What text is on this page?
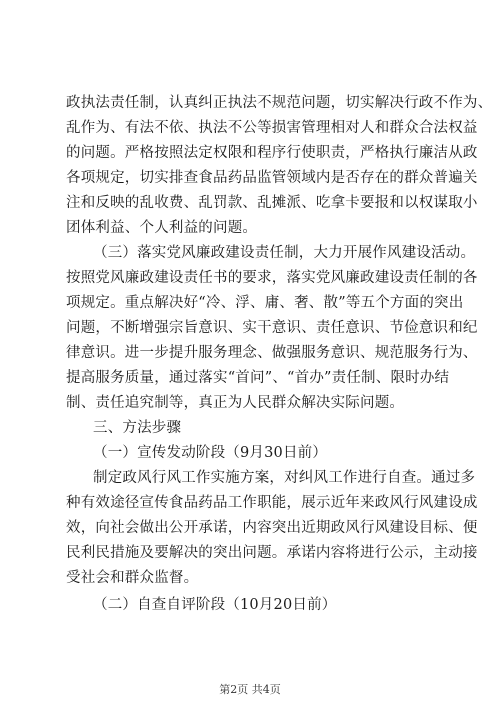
政执法责任制，认真纠正执法不规范问题，切实解决行政不作为、
乱作为、有法不依、执法不公等损害管理相对人和群众合法权益
的问题。严格按照法定权限和程序行使职责，严格执行廉洁从政
各项规定，切实排查食品药品监管领域内是否存在的群众普遍关
注和反映的乱收费、乱罚款、乱摊派、吃拿卡要报和以权谋取小
团体利益、个人利益的问题。
（三）落实党风廉政建设责任制，大力开展作风建设活动。
按照党风廉政建设责任书的要求，落实党风廉政建设责任制的各
项规定。重点解决好“冷、浮、庸、奢、散”等五个方面的突出
问题，不断增强宗旨意识、实干意识、责任意识、节俭意识和纪
律意识。进一步提升服务理念、做强服务意识、规范服务行为、
提高服务质量，通过落实“首问”、“首办”责任制、限时办结
制、责任追究制等，真正为人民群众解决实际问题。
三、方法步骤
（一）宣传发动阶段（9月30日前）
制定政风行风工作实施方案，对纠风工作进行自查。通过多
种有效途径宣传食品药品工作职能，展示近年来政风行风建设成
效，向社会做出公开承诺，内容突出近期政风行风建设目标、便
民利民措施及要解决的突出问题。承诺内容将进行公示，主动接
受社会和群众监督。
（二）自查自评阶段（10月20日前）
第2页 共4页
